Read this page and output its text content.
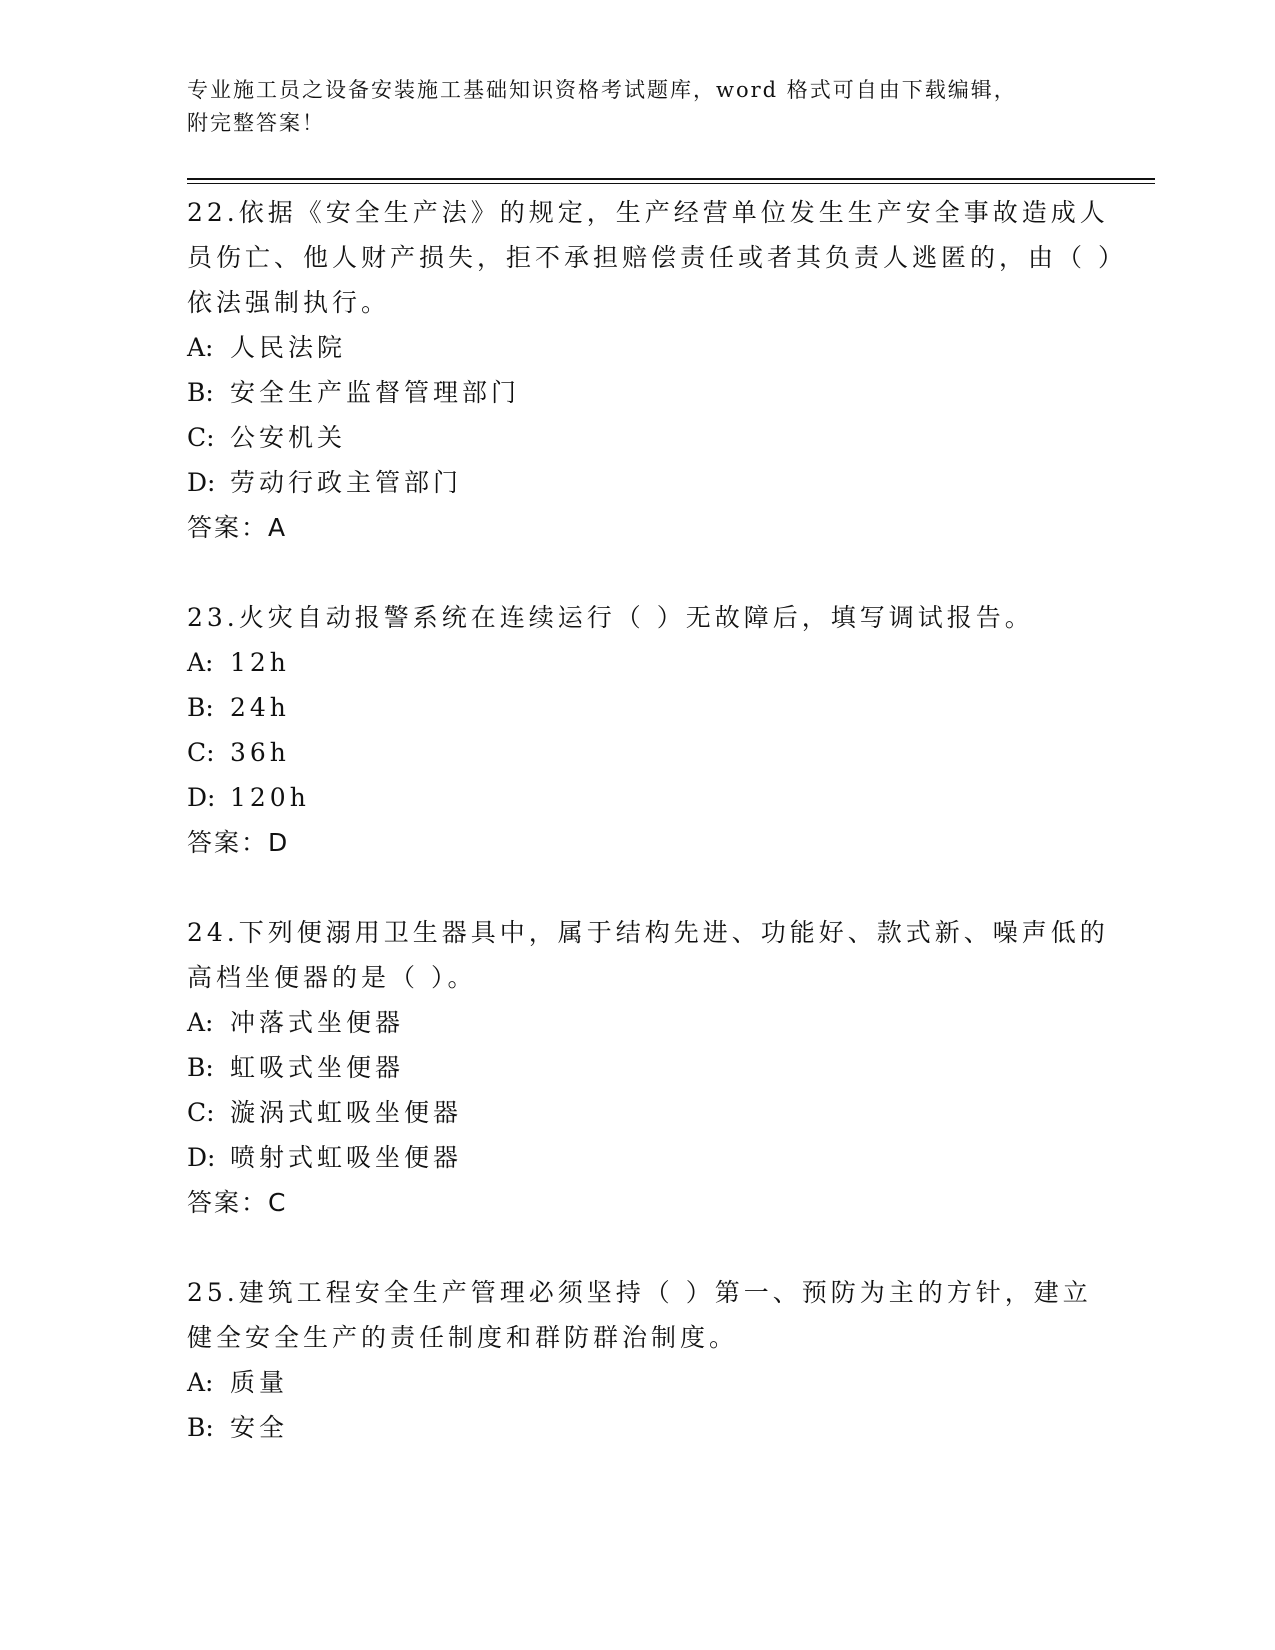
专业施工员之设备安装施工基础知识资格考试题库，word 格式可自由下载编辑，
附完整答案！

22.依据《安全生产法》的规定，生产经营单位发生生产安全事故造成人员伤亡、他人财产损失，拒不承担赔偿责任或者其负责人逃匿的，由（ ）依法强制执行。

A: 人民法院

B: 安全生产监督管理部门

C: 公安机关

D: 劳动行政主管部门

答案：A

23.火灾自动报警系统在连续运行（ ）无故障后，填写调试报告。

A: 12h

B: 24h

C: 36h

D: 120h

答案：D

24.下列便溺用卫生器具中，属于结构先进、功能好、款式新、噪声低的高档坐便器的是（ ）。

A: 冲落式坐便器

B: 虹吸式坐便器

C: 漩涡式虹吸坐便器

D: 喷射式虹吸坐便器

答案：C

25.建筑工程安全生产管理必须坚持（ ）第一、预防为主的方针，建立健全安全生产的责任制度和群防群治制度。

A: 质量

B: 安全
